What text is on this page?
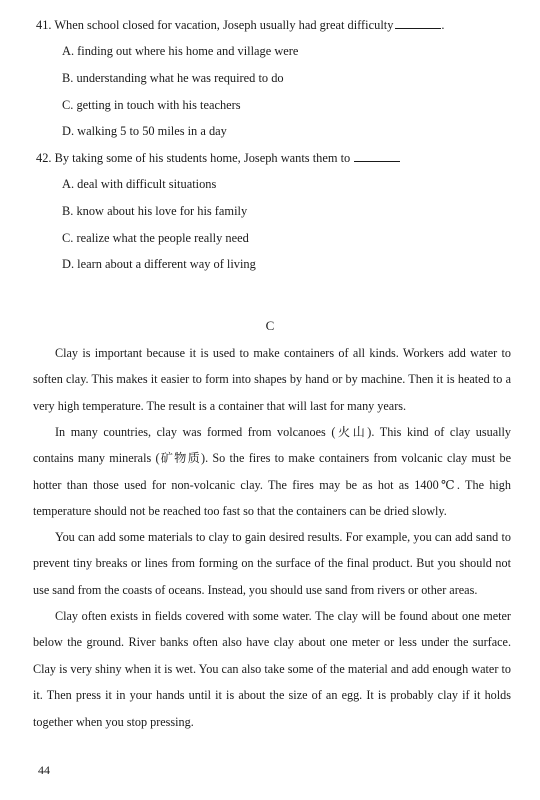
41. When school closed for vacation, Joseph usually had great difficulty	.
A. finding out where his home and village were
B. understanding what he was required to do
C. getting in touch with his teachers
D. walking 5 to 50 miles in a day
42. By taking some of his students home, Joseph wants them to
A. deal with difficult situations
B. know about his love for his family
C. realize what the people really need
D. learn about a different way of living
C
Clay is important because it is used to make containers of all kinds. Workers add water to soften clay. This makes it easier to form into shapes by hand or by machine. Then it is heated to a very high temperature. The result is a container that will last for many years.
In many countries, clay was formed from volcanoes (火山). This kind of clay usually contains many minerals (矿物质). So the fires to make containers from volcanic clay must be hotter than those used for non-volcanic clay. The fires may be as hot as 1400℃. The high temperature should not be reached too fast so that the containers can be dried slowly.
You can add some materials to clay to gain desired results. For example, you can add sand to prevent tiny breaks or lines from forming on the surface of the final product. But you should not use sand from the coasts of oceans. Instead, you should use sand from rivers or other areas.
Clay often exists in fields covered with some water. The clay will be found about one meter below the ground. River banks often also have clay about one meter or less under the surface. Clay is very shiny when it is wet. You can also take some of the material and add enough water to it. Then press it in your hands until it is about the size of an egg. It is probably clay if it holds together when you stop pressing.
44
